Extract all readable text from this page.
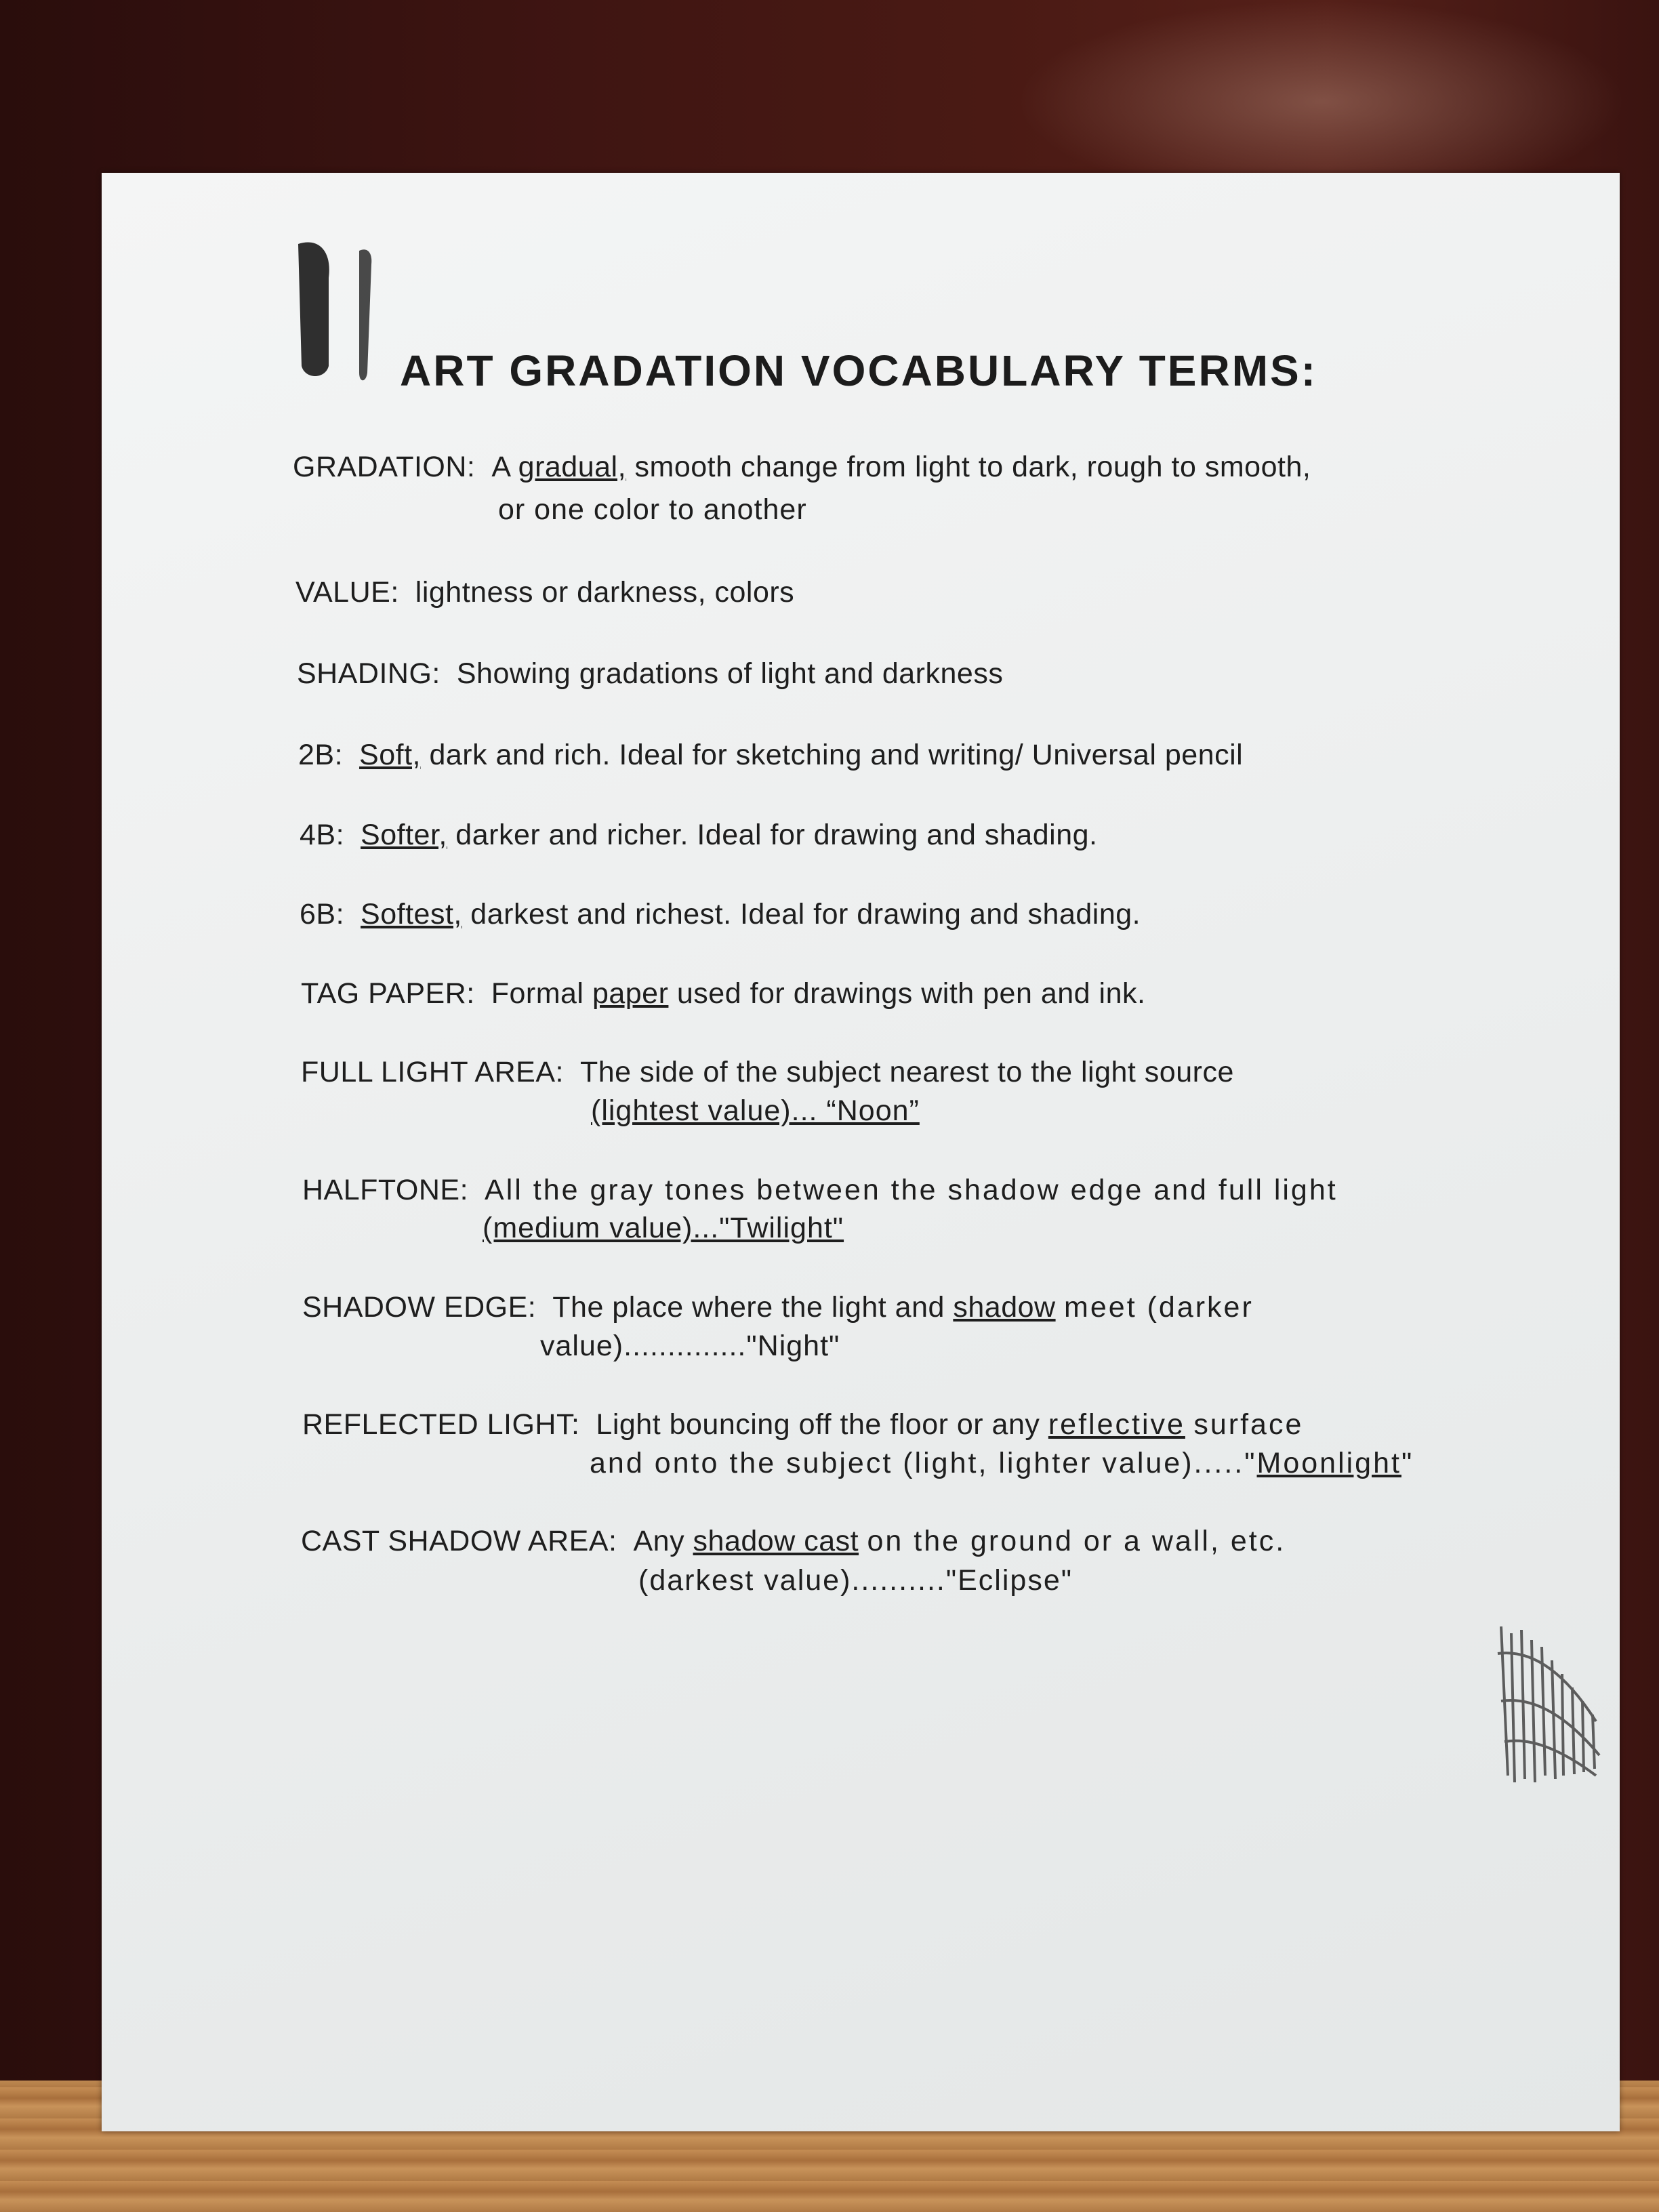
ART GRADATION VOCABULARY TERMS:
GRADATION: A gradual, smooth change from light to dark, rough to smooth,
or one color to another
VALUE: lightness or darkness, colors
SHADING: Showing gradations of light and darkness
2B: Soft, dark and rich. Ideal for sketching and writing/ Universal pencil
4B: Softer, darker and richer. Ideal for drawing and shading.
6B: Softest, darkest and richest. Ideal for drawing and shading.
TAG PAPER: Formal paper used for drawings with pen and ink.
FULL LIGHT AREA: The side of the subject nearest to the light source
(lightest value)... “Noon”
HALFTONE: All the gray tones between the shadow edge and full light
(medium value)..."Twilight"
SHADOW EDGE: The place where the light and shadow meet (darker
value).............."Night"
REFLECTED LIGHT: Light bouncing off the floor or any reflective surface
and onto the subject (light, lighter value)....."Moonlight"
CAST SHADOW AREA: Any shadow cast on the ground or a wall, etc.
(darkest value).........."Eclipse"
